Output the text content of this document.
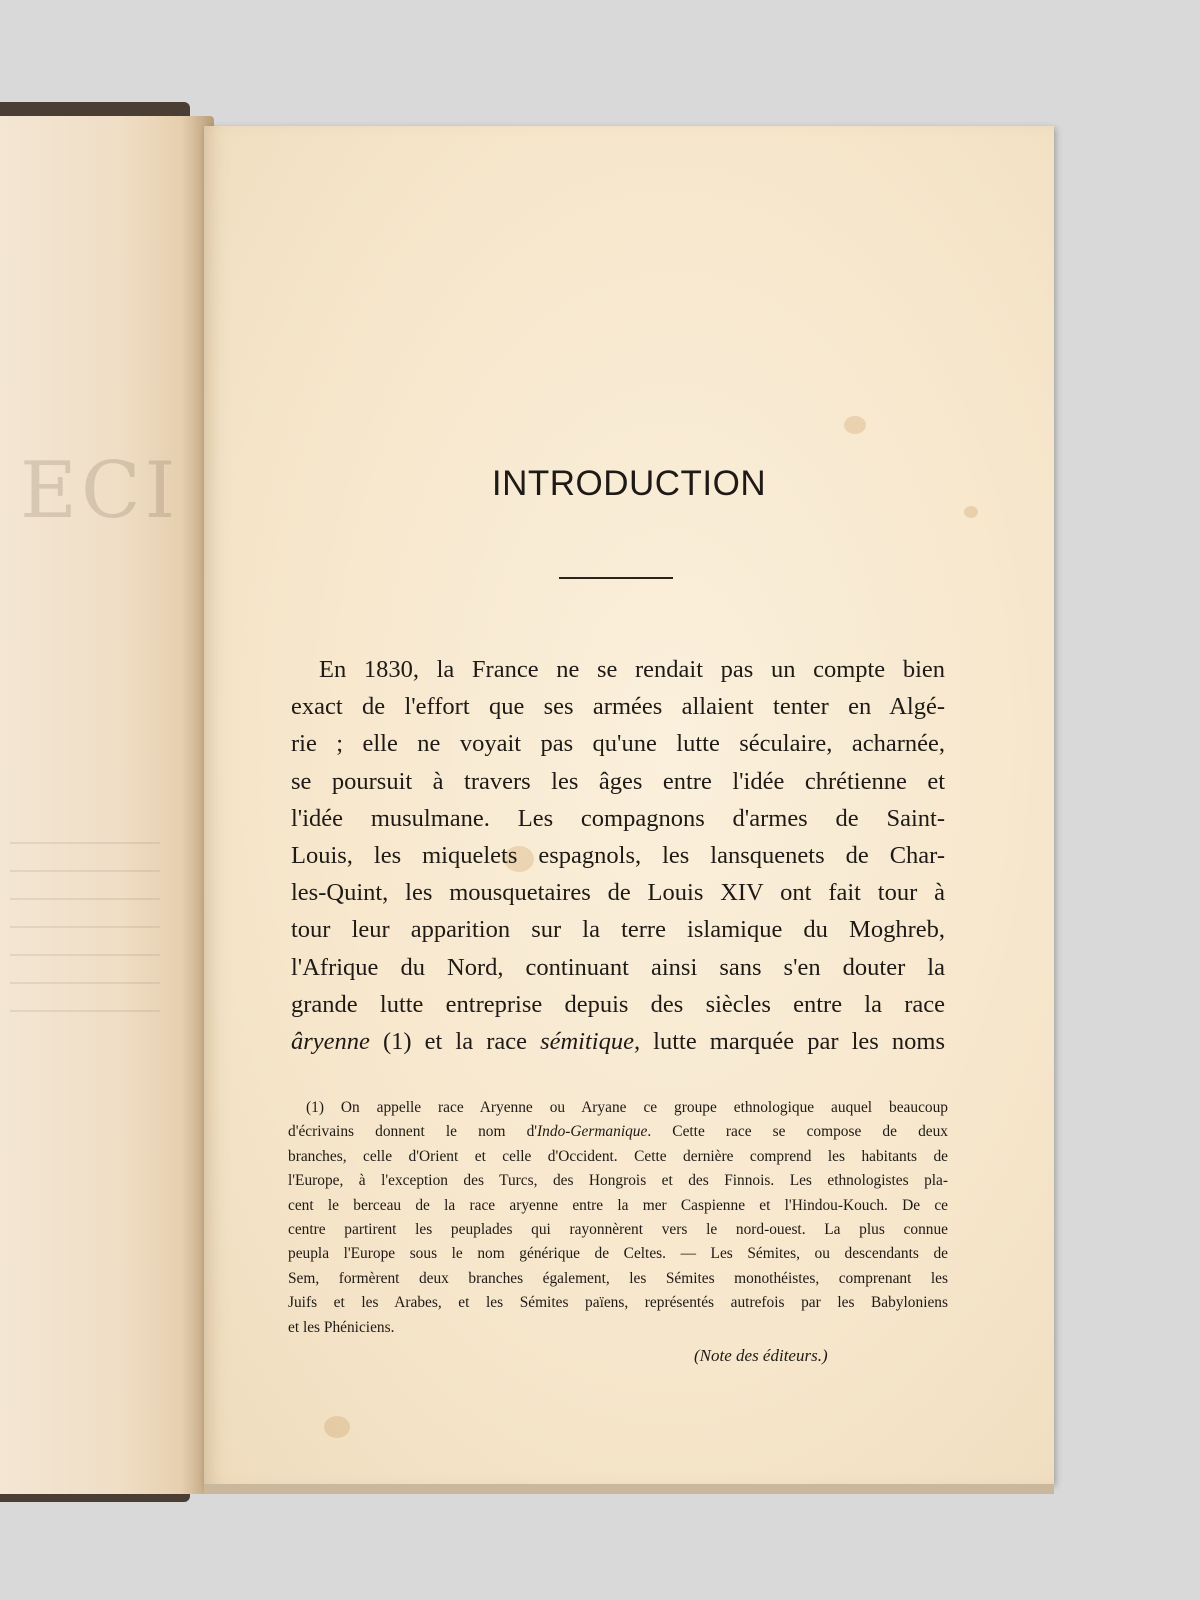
ECI	INTRODUCTION
En 1830, la France ne se rendait pas un compte bien
exact de l'effort que ses armées allaient tenter en Algé-
rie ; elle ne voyait pas qu'une lutte séculaire, acharnée,
se poursuit à travers les âges entre l'idée chrétienne et
l'idée musulmane. Les compagnons d'armes de Saint-
Louis, les miquelets espagnols, les lansquenets de Char-
les-Quint, les mousquetaires de Louis XIV ont fait tour à
tour leur apparition sur la terre islamique du Moghreb,
l'Afrique du Nord, continuant ainsi sans s'en douter la
grande lutte entreprise depuis des siècles entre la race
âryenne (1) et la race sémitique, lutte marquée par les noms
(1) On appelle race Aryenne ou Aryane ce groupe ethnologique auquel beaucoup
d'écrivains donnent le nom d'Indo-Germanique. Cette race se compose de deux
branches, celle d'Orient et celle d'Occident. Cette dernière comprend les habitants de
l'Europe, à l'exception des Turcs, des Hongrois et des Finnois. Les ethnologistes pla-
cent le berceau de la race aryenne entre la mer Caspienne et l'Hindou-Kouch. De ce
centre partirent les peuplades qui rayonnèrent vers le nord-ouest. La plus connue
peupla l'Europe sous le nom générique de Celtes. — Les Sémites, ou descendants de
Sem, formèrent deux branches également, les Sémites monothéistes, comprenant les
Juifs et les Arabes, et les Sémites païens, représentés autrefois par les Babyloniens
et les Phéniciens.
(Note des éditeurs.)
